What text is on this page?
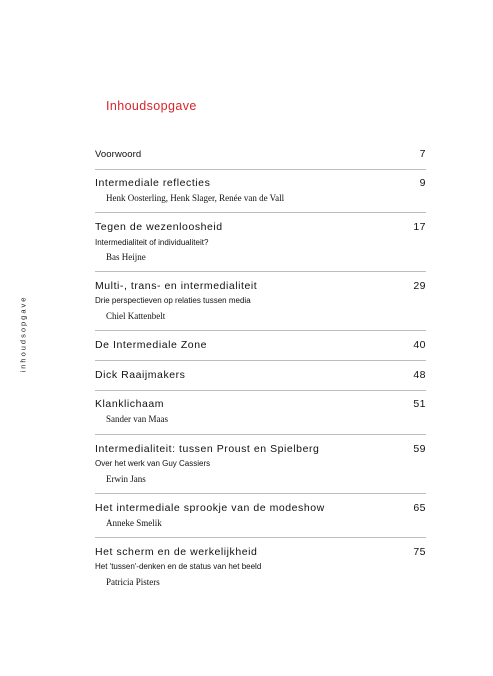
Inhoudsopgave
inhoudsopgave
Voorwoord	7
Intermediale reflecties	9
Henk Oosterling, Henk Slager, Renée van de Vall
Tegen de wezenloosheid	17
Intermedialiteit of individualiteit?
Bas Heijne
Multi-, trans- en intermedialiteit	29
Drie perspectieven op relaties tussen media
Chiel Kattenbelt
De Intermediale Zone	40
Dick Raaijmakers	48
Klanklichaam	51
Sander van Maas
Intermedialiteit: tussen Proust en Spielberg	59
Over het werk van Guy Cassiers
Erwin Jans
Het intermediale sprookje van de modeshow	65
Anneke Smelik
Het scherm en de werkelijkheid	75
Het 'tussen'-denken en de status van het beeld
Patricia Pisters
